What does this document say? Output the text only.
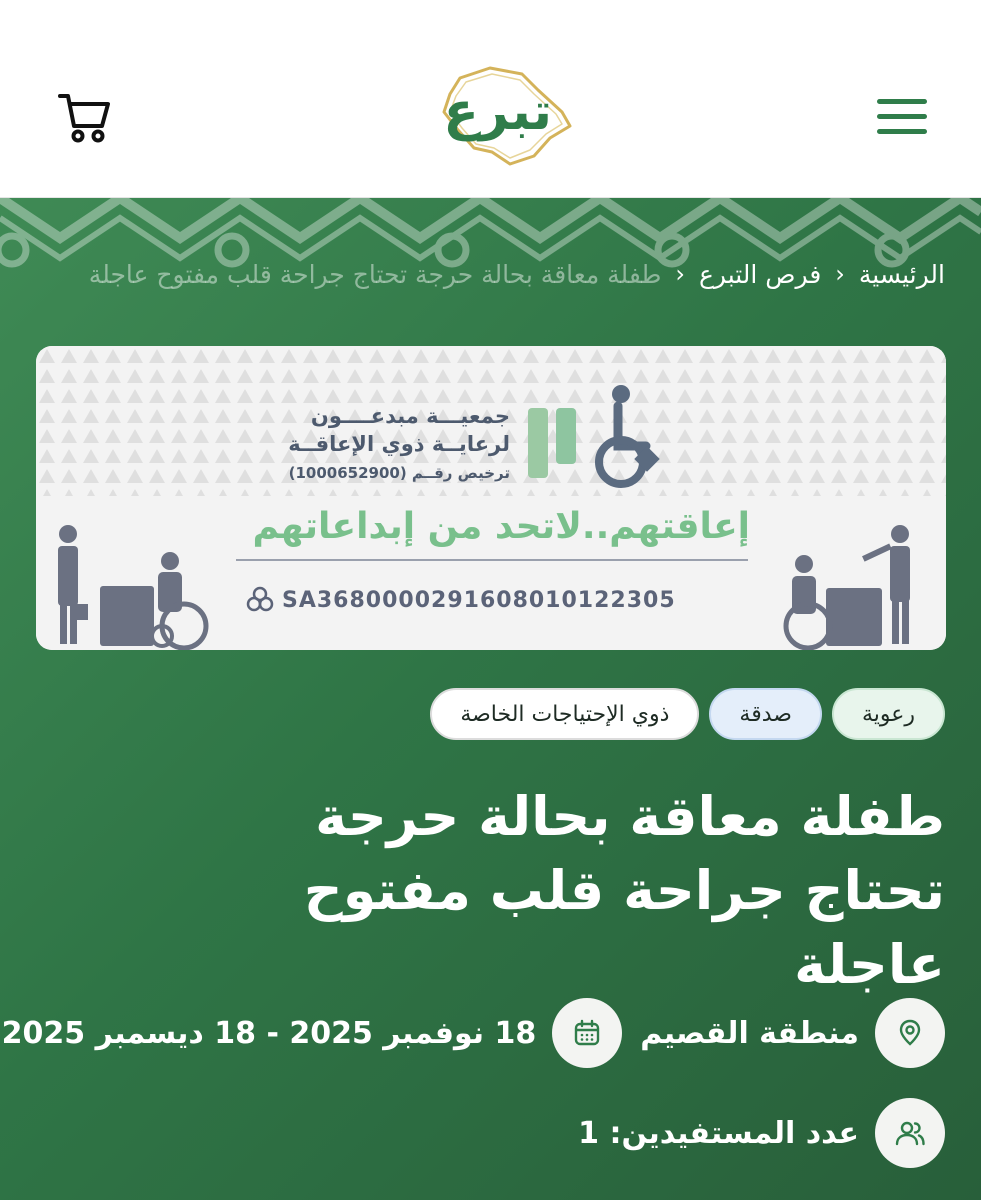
تبرع
الرئيسية
‹
فرص التبرع
‹
طفلة معاقة بحالة حرجة تحتاج جراحة قلب مفتوح عاجلة
جمعيـــة مبدعــــون
لرعايــة ذوي الإعاقــة
ترخيص رقــم (1000652900)
إعاقتهم..لاتحد من إبداعاتهم
SA3680000291608010122305
رعوية
صدقة
ذوي الإحتياجات الخاصة
طفلة معاقة بحالة حرجة تحتاج جراحة قلب مفتوح عاجلة
منطقة القصيم
18 نوفمبر 2025 - 18 ديسمبر 2025
عدد المستفيدين: 1
